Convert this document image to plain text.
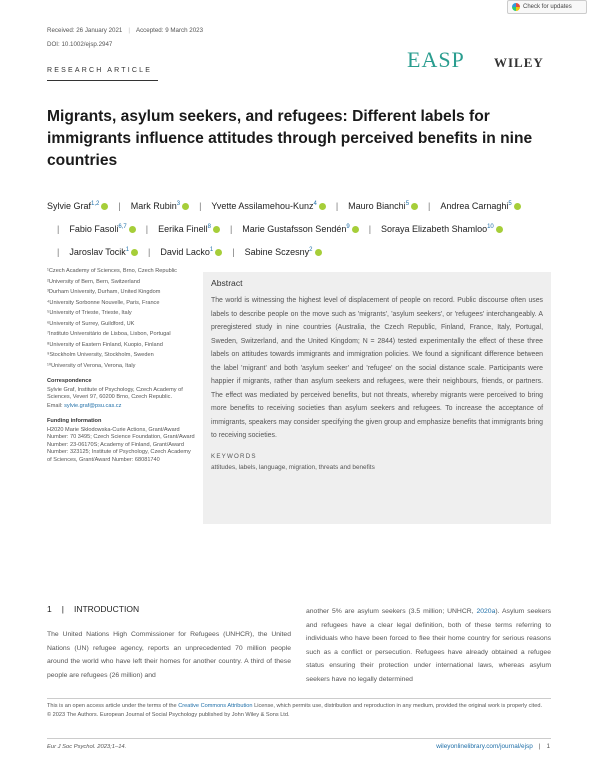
Check for updates
Received: 26 January 2021 | Accepted: 9 March 2023
DOI: 10.1002/ejsp.2947
EASP WILEY
RESEARCH ARTICLE
Migrants, asylum seekers, and refugees: Different labels for immigrants influence attitudes through perceived benefits in nine countries
Sylvie Graf$^{1,2}$ | Mark Rubin$^3$ | Yvette Assilamehou-Kunz$^4$ | Mauro Bianchi$^5$ | Andrea Carnaghi$^5$| Fabio Fasoli$^{6,7}$ | Eerika Finell$^8$ | Marie Gustafsson Sendén$^9$ | Soraya Elizabeth Shamloo$^{10}$| Jaroslav Tocik$^1$ | David Lacko$^1$ | Sabine Sczesny$^2$
¹Czech Academy of Sciences, Brno, Czech Republic
²University of Bern, Bern, Switzerland
³Durham University, Durham, United Kingdom
⁴University Sorbonne Nouvelle, Paris, France
⁵University of Trieste, Trieste, Italy
⁶University of Surrey, Guildford, UK
⁷Instituto Universitário de Lisboa, Lisbon, Portugal
⁸University of Eastern Finland, Kuopio, Finland
⁹Stockholm University, Stockholm, Sweden
¹⁰University of Verona, Verona, Italy
Correspondence
Sylvie Graf, Institute of Psychology, Czech Academy of Sciences, Veveri 97, 60200 Brno, Czech Republic.
Email: sylvie.graf@psu.cas.cz
Funding information
H2020 Marie Skłodowska-Curie Actions, Grant/Award Number: 70 3495; Czech Science Foundation, Grant/Award Number: 23-06170S; Academy of Finland, Grant/Award Number: 323125; Institute of Psychology, Czech Academy of Sciences, Grant/Award Number: 68081740
Abstract

The world is witnessing the highest level of displacement of people on record. Public discourse often uses labels to describe people on the move such as 'migrants', 'asylum seekers', or 'refugees' interchangeably. A preregistered study in nine countries (Australia, the Czech Republic, Finland, France, Italy, Portugal, Sweden, Switzerland, and the United Kingdom; N = 2844) tested experimentally the effect of these three labels on attitudes towards immigrants and immigration policies. We found a significant difference between the label 'migrant' and both 'asylum seeker' and 'refugee' on the social distance scale. Participants were happier if migrants, rather than asylum seekers and refugees, were their neighbours, friends, or partners. The effect was mediated by perceived benefits, but not threats, whereby migrants were perceived to bring more benefits to receiving societies than asylum seekers and refugees. To increase the acceptance of immigrants, speakers may consider specifying the given group and emphasize benefits that immigrants bring to receiving societies.

KEYWORDS
attitudes, labels, language, migration, threats and benefits
1 | INTRODUCTION

The United Nations High Commissioner for Refugees (UNHCR), the United Nations (UN) refugee agency, reports an unprecedented 70 million people around the world who have left their homes for another country. A third of these people are refugees (26 million) and

another 5% are asylum seekers (3.5 million; UNHCR, 2020a). Asylum seekers and refugees have a clear legal definition, both of these terms referring to individuals who have been forced to flee their home country for serious reasons such as a conflict or persecution. Refugees have already obtained a refugee status ensuring their protection under international laws, whereas asylum seekers have no legally determined

This is an open access article under the terms of the Creative Commons Attribution License, which permits use, distribution and reproduction in any medium, provided the original work is properly cited.
© 2023 The Authors. European Journal of Social Psychology published by John Wiley & Sons Ltd.
Eur J Soc Psychol. 2023;1–14.	wileyonlinelibrary.com/journal/ejsp | 1
